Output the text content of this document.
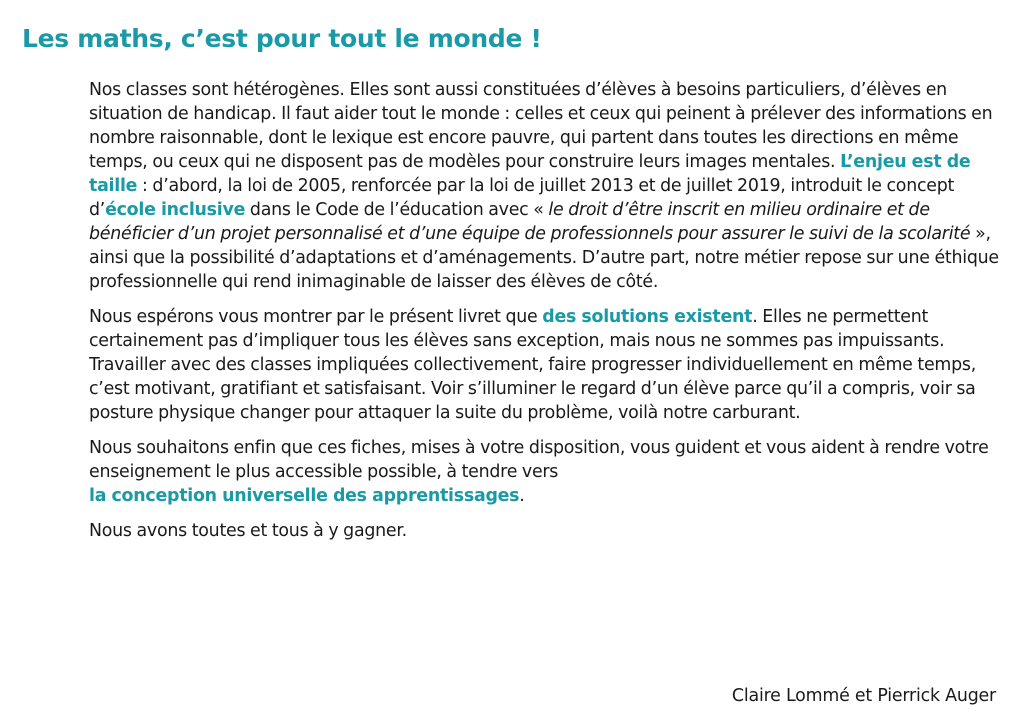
Les maths, c’est pour tout le monde !

Nos classes sont hétérogènes. Elles sont aussi constituées d’élèves à besoins particuliers, d’élèves en situation de handicap. Il faut aider tout le monde : celles et ceux qui peinent à prélever des informations en nombre raisonnable, dont le lexique est encore pauvre, qui partent dans toutes les directions en même temps, ou ceux qui ne disposent pas de modèles pour construire leurs images mentales. L’enjeu est de taille : d’abord, la loi de 2005, renforcée par la loi de juillet 2013 et de juillet 2019, introduit le concept d’école inclusive dans le Code de l’éducation avec « le droit d’être inscrit en milieu ordinaire et de bénéficier d’un projet personnalisé et d’une équipe de professionnels pour assurer le suivi de la scolarité », ainsi que la possibilité d’adaptations et d’aménagements. D’autre part, notre métier repose sur une éthique professionnelle qui rend inimaginable de laisser des élèves de côté.

Nous espérons vous montrer par le présent livret que des solutions existent. Elles ne permettent certainement pas d’impliquer tous les élèves sans exception, mais nous ne sommes pas impuissants. Travailler avec des classes impliquées collectivement, faire progresser individuellement en même temps, c’est motivant, gratifiant et satisfaisant. Voir s’illuminer le regard d’un élève parce qu’il a compris, voir sa posture physique changer pour attaquer la suite du problème, voilà notre carburant.

Nous souhaitons enfin que ces fiches, mises à votre disposition, vous guident et vous aident à rendre votre enseignement le plus accessible possible, à tendre vers
la conception universelle des apprentissages.

Nous avons toutes et tous à y gagner.

Claire Lommé et Pierrick Auger
